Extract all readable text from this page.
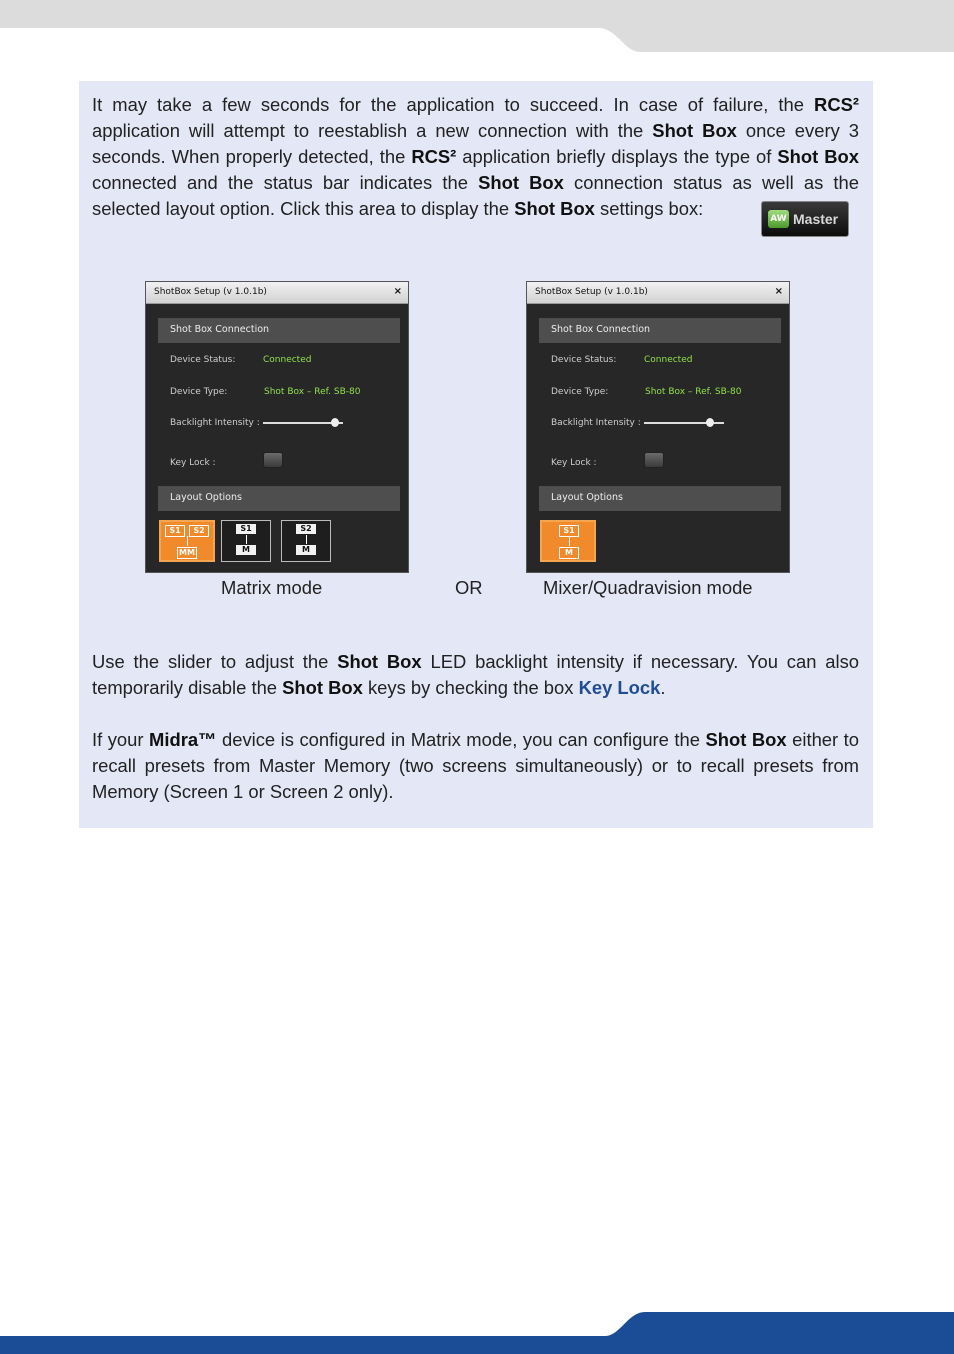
It may take a few seconds for the application to succeed. In case of failure, the RCS² application will attempt to reestablish a new connection with the Shot Box once every 3 seconds. When properly detected, the RCS² application briefly displays the type of Shot Box connected and the status bar indicates the Shot Box connection status as well as the selected layout option. Click this area to display the Shot Box settings box:	AW Master
ShotBox Setup (v 1.0.1b)	×
Shot Box Connection
Device Status:	Connected
Device Type:	Shot Box – Ref. SB-80
Backlight Intensity :
Key Lock :
Layout Options
S1	S2
MM
S1
M
S2
M
ShotBox Setup (v 1.0.1b)	×
Shot Box Connection
Device Status:	Connected
Device Type:	Shot Box – Ref. SB-80
Backlight Intensity :
Key Lock :
Layout Options
S1
M
Matrix mode	OR	Mixer/Quadravision mode

Use the slider to adjust the Shot Box LED backlight intensity if necessary. You can also temporarily disable the Shot Box keys by checking the box Key Lock.

If your Midra™ device is configured in Matrix mode, you can configure the Shot Box either to recall presets from Master Memory (two screens simultaneously) or to recall presets from Memory (Screen 1 or Screen 2 only).
